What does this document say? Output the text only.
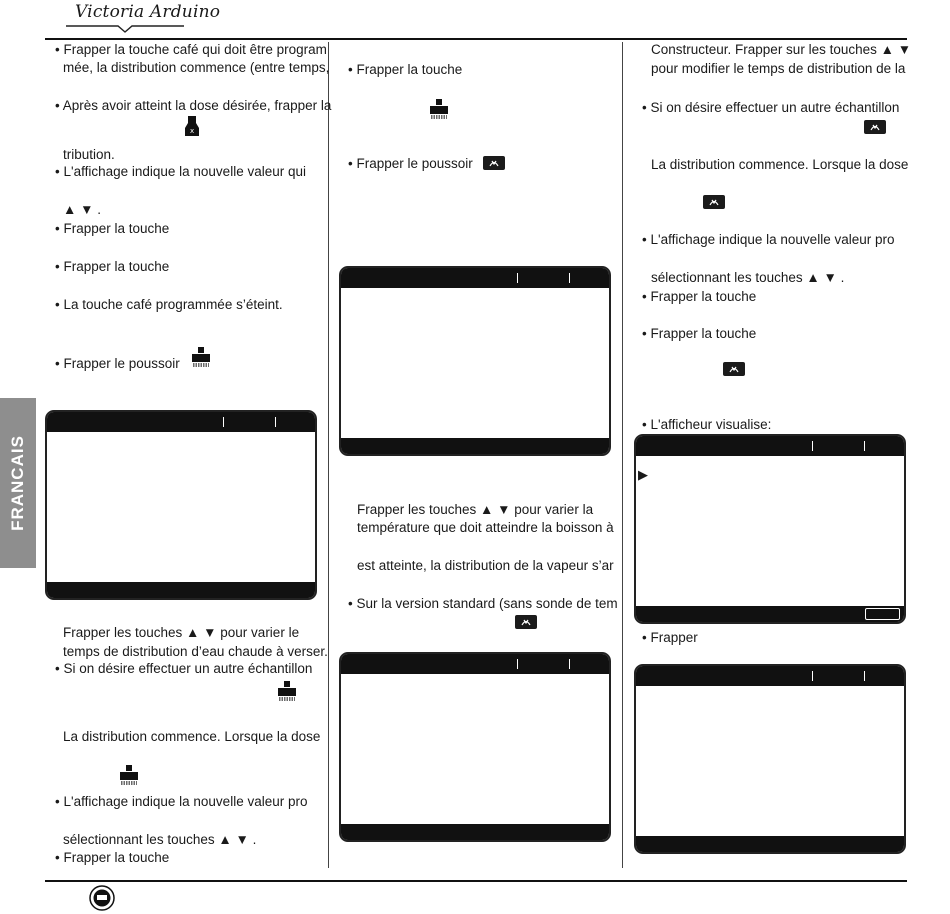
Victoria Arduino
FRANCAIS
• Frapper la touche café qui doit être program
mée, la distribution commence (entre temps,
• Après avoir atteint la dose désirée, frapper la
x
tribution.
• L'affichage indique la nouvelle valeur qui
▲ ▼ .
• Frapper la touche
• Frapper la touche
• La touche café programmée s’éteint.
• Frapper le poussoir
Frapper les touches ▲ ▼ pour varier le
temps de distribution d’eau chaude à verser.
• Si on désire effectuer un autre échantillon
La distribution commence. Lorsque la dose
• L'affichage indique la nouvelle valeur pro
sélectionnant les touches ▲ ▼ .
• Frapper la touche
• Frapper la touche
• Frapper le poussoir
Frapper les touches ▲ ▼ pour varier la
température que doit atteindre la boisson à
est atteinte, la distribution de la vapeur s’ar
• Sur la version standard (sans sonde de tem
Constructeur. Frapper sur les touches ▲ ▼
pour modifier le temps de distribution de la
• Si on désire effectuer un autre échantillon
La distribution commence. Lorsque la dose
• L'affichage indique la nouvelle valeur pro
sélectionnant les touches ▲ ▼ .
• Frapper la touche
• Frapper la touche
• L'afficheur visualise:
▶
• Frapper
